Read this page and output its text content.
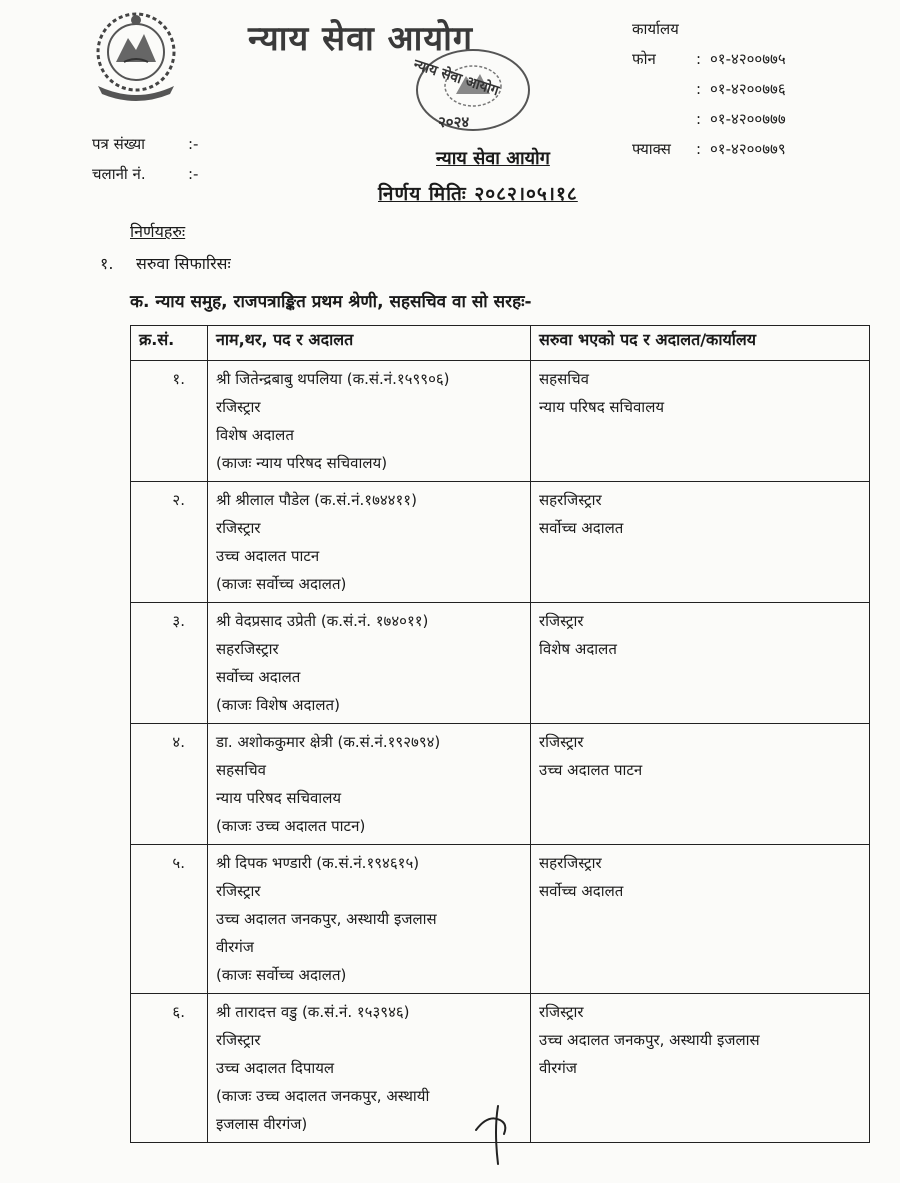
न्याय सेवा आयोग
न्याय सेवा आयोग
२०२४
कार्यालय
फोन	: ०१-४२००७७५
: ०१-४२००७७६
: ०१-४२००७७७
फ्याक्स : ०१-४२००७७९
पत्र संख्या	:-
चलानी नं.	:-
न्याय सेवा आयोग
निर्णय मितिः २०८२।०५।१८
निर्णयहरुः
१. सरुवा सिफारिसः
क. न्याय समुह, राजपत्राङ्कित प्रथम श्रेणी, सहसचिव वा सो सरहः-
क्र.सं.	नाम,थर, पद र अदालत	सरुवा भएको पद र अदालत/कार्यालय
१.	श्री जितेन्द्रबाबु थपलिया (क.सं.नं.१५९९०६)
रजिस्ट्रार
विशेष अदालत
(काजः न्याय परिषद सचिवालय)	सहसचिव
न्याय परिषद सचिवालय

२.	श्री श्रीलाल पौडेल (क.सं.नं.१७४४११)
रजिस्ट्रार
उच्च अदालत पाटन
(काजः सर्वोच्च अदालत)	सहरजिस्ट्रार
सर्वोच्च अदालत

३.	श्री वेदप्रसाद उप्रेती (क.सं.नं. १७४०११)
सहरजिस्ट्रार
सर्वोच्च अदालत
(काजः विशेष अदालत)	रजिस्ट्रार
विशेष अदालत

४.	डा. अशोककुमार क्षेत्री (क.सं.नं.१९२७९४)
सहसचिव
न्याय परिषद सचिवालय
(काजः उच्च अदालत पाटन)	रजिस्ट्रार
उच्च अदालत पाटन

५.	श्री दिपक भण्डारी (क.सं.नं.१९४६१५)
रजिस्ट्रार
उच्च अदालत जनकपुर, अस्थायी इजलास
वीरगंज
(काजः सर्वोच्च अदालत)	सहरजिस्ट्रार
सर्वोच्च अदालत

६.	श्री तारादत्त वडु (क.सं.नं. १५३९४६)
रजिस्ट्रार
उच्च अदालत दिपायल
(काजः उच्च अदालत जनकपुर, अस्थायी
इजलास वीरगंज)	रजिस्ट्रार
उच्च अदालत जनकपुर, अस्थायी इजलास
वीरगंज
